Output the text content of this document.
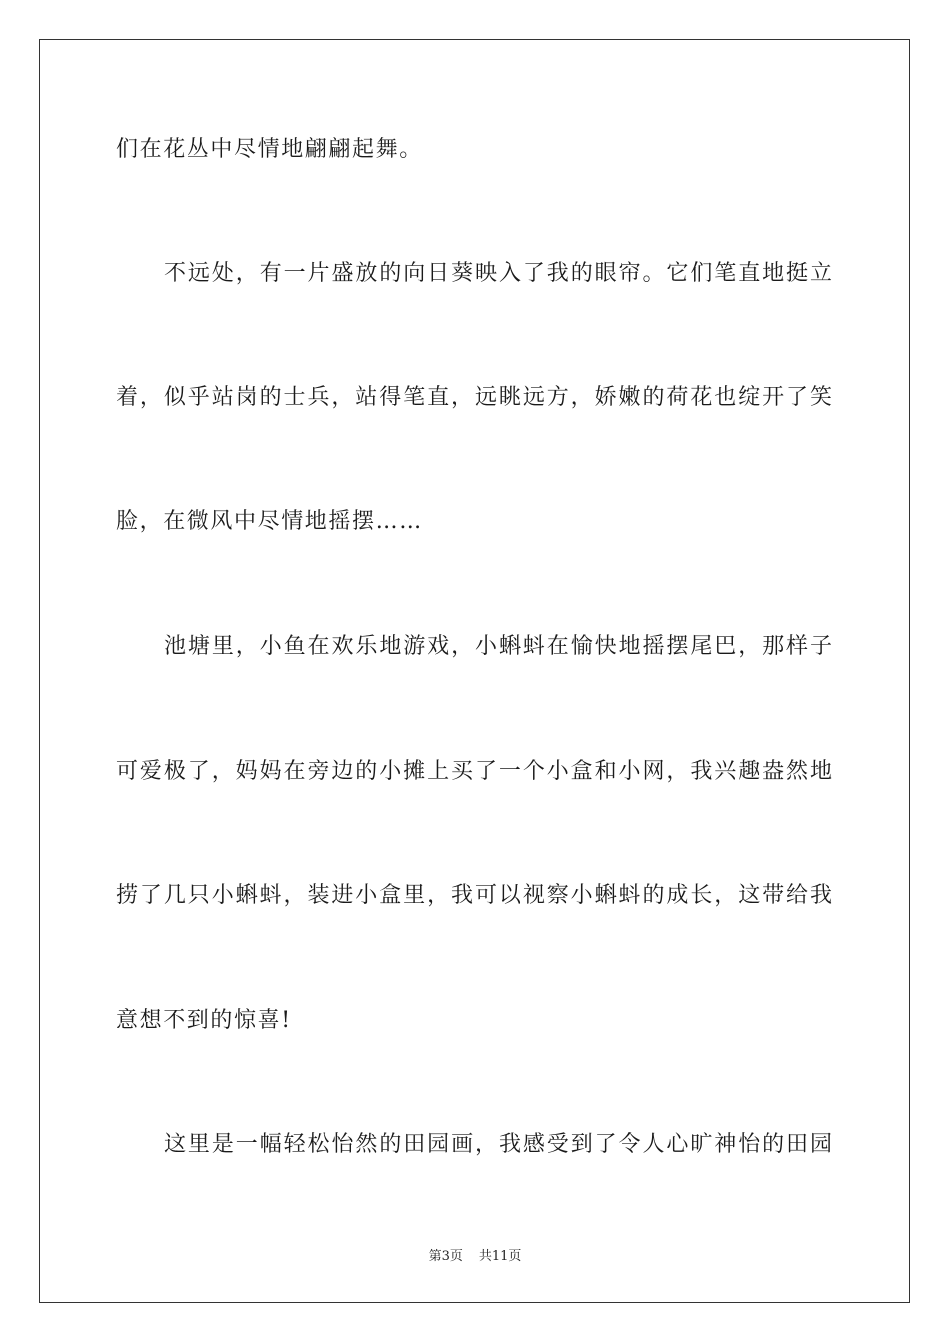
们在花丛中尽情地翩翩起舞。
不远处，有一片盛放的向日葵映入了我的眼帘。它们笔直地挺立
着，似乎站岗的士兵，站得笔直，远眺远方，娇嫩的荷花也绽开了笑
脸，在微风中尽情地摇摆……
池塘里，小鱼在欢乐地游戏，小蝌蚪在愉快地摇摆尾巴，那样子
可爱极了，妈妈在旁边的小摊上买了一个小盒和小网，我兴趣盎然地
捞了几只小蝌蚪，装进小盒里，我可以视察小蝌蚪的成长，这带给我
意想不到的惊喜!
这里是一幅轻松怡然的田园画，我感受到了令人心旷神怡的田园
第3页 共11页
